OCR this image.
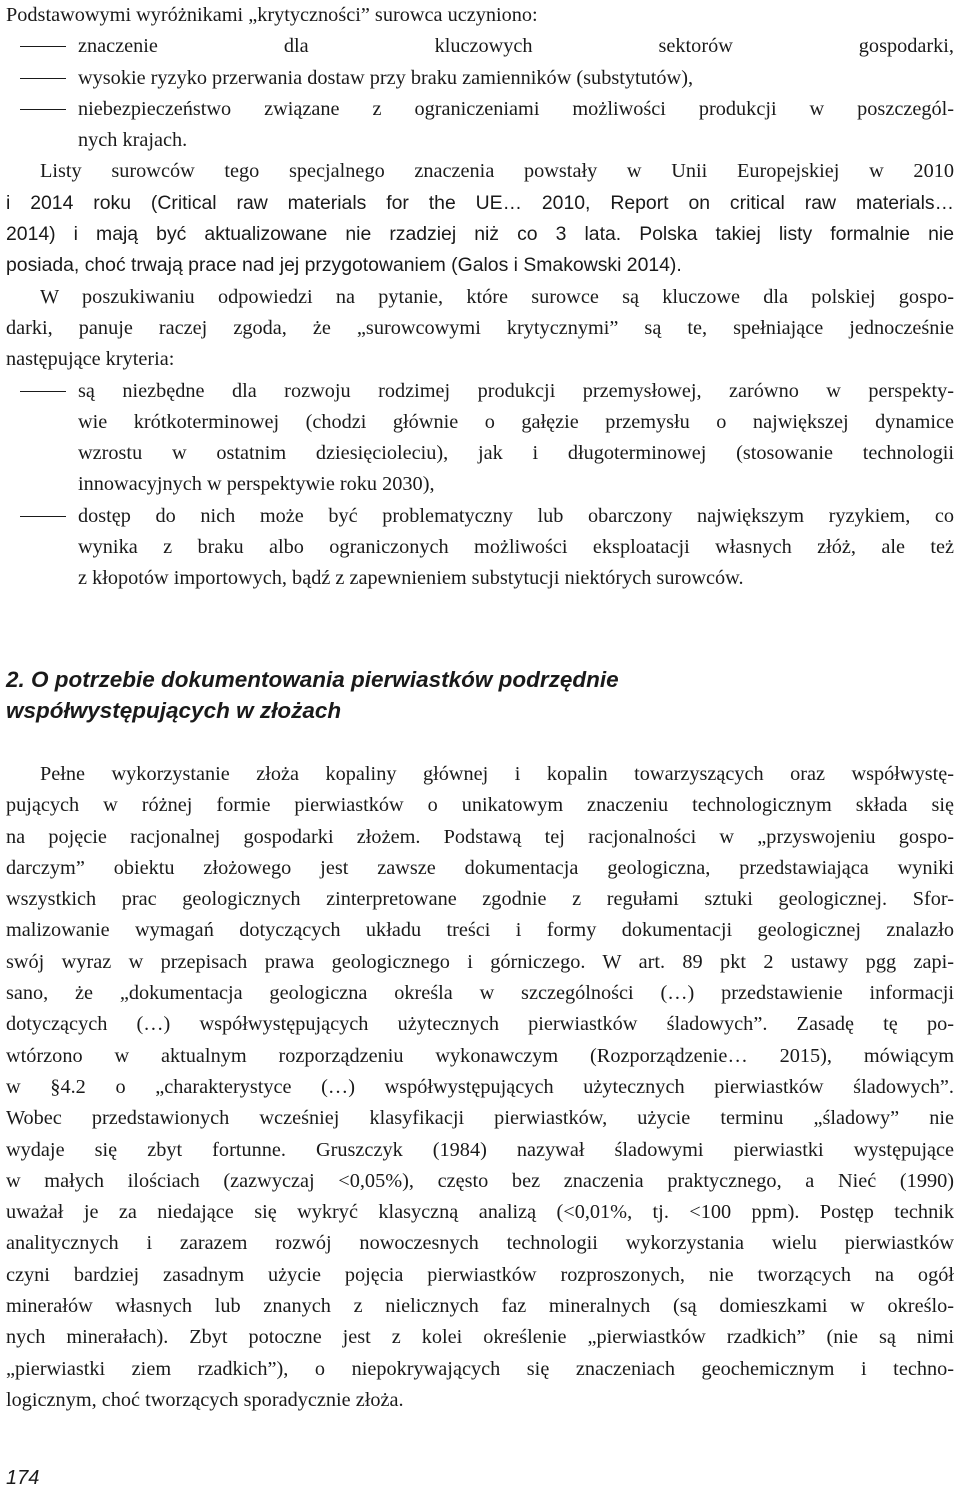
Podstawowymi wyróżnikami „krytyczności” surowca uczyniono:
znaczenie dla kluczowych sektorów gospodarki,
wysokie ryzyko przerwania dostaw przy braku zamienników (substytutów),
niebezpieczeństwo związane z ograniczeniami możliwości produkcji w poszczegól-
nych krajach.
Listy surowców tego specjalnego znaczenia powstały w Unii Europejskiej w 2010
i 2014 roku (Critical raw materials for the UE… 2010, Report on critical raw materials…
2014) i mają być aktualizowane nie rzadziej niż co 3 lata. Polska takiej listy formalnie nie
posiada, choć trwają prace nad jej przygotowaniem (Galos i Smakowski 2014).
W poszukiwaniu odpowiedzi na pytanie, które surowce są kluczowe dla polskiej gospo-
darki, panuje raczej zgoda, że „surowcowymi krytycznymi” są te, spełniające jednocześnie
następujące kryteria:
są niezbędne dla rozwoju rodzimej produkcji przemysłowej, zarówno w perspekty-
wie krótkoterminowej (chodzi głównie o gałęzie przemysłu o największej dynamice
wzrostu w ostatnim dziesięcioleciu), jak i długoterminowej (stosowanie technologii
innowacyjnych w perspektywie roku 2030),
dostęp do nich może być problematyczny lub obarczony największym ryzykiem, co
wynika z braku albo ograniczonych możliwości eksploatacji własnych złóż, ale też
z kłopotów importowych, bądź z zapewnieniem substytucji niektórych surowców.
2. O potrzebie dokumentowania pierwiastków podrzędnie
współwystępujących w złożach
Pełne wykorzystanie złoża kopaliny głównej i kopalin towarzyszących oraz współwystę-
pujących w różnej formie pierwiastków o unikatowym znaczeniu technologicznym składa się
na pojęcie racjonalnej gospodarki złożem. Podstawą tej racjonalności w „przyswojeniu gospo-
darczym” obiektu złożowego jest zawsze dokumentacja geologiczna, przedstawiająca wyniki
wszystkich prac geologicznych zinterpretowane zgodnie z regułami sztuki geologicznej. Sfor-
malizowanie wymagań dotyczących układu treści i formy dokumentacji geologicznej znalazło
swój wyraz w przepisach prawa geologicznego i górniczego. W art. 89 pkt 2 ustawy pgg zapi-
sano, że „dokumentacja geologiczna określa w szczególności (…) przedstawienie informacji
dotyczących (…) współwystępujących użytecznych pierwiastków śladowych”. Zasadę tę po-
wtórzono w aktualnym rozporządzeniu wykonawczym (Rozporządzenie… 2015), mówiącym
w §4.2 o „charakterystyce (…) współwystępujących użytecznych pierwiastków śladowych”.
Wobec przedstawionych wcześniej klasyfikacji pierwiastków, użycie terminu „śladowy” nie
wydaje się zbyt fortunne. Gruszczyk (1984) nazywał śladowymi pierwiastki występujące
w małych ilościach (zazwyczaj <0,05%), często bez znaczenia praktycznego, a Nieć (1990)
uważał je za niedające się wykryć klasyczną analizą (<0,01%, tj. <100 ppm). Postęp technik
analitycznych i zarazem rozwój nowoczesnych technologii wykorzystania wielu pierwiastków
czyni bardziej zasadnym użycie pojęcia pierwiastków rozproszonych, nie tworzących na ogół
minerałów własnych lub znanych z nielicznych faz mineralnych (są domieszkami w określo-
nych minerałach). Zbyt potoczne jest z kolei określenie „pierwiastków rzadkich” (nie są nimi
„pierwiastki ziem rzadkich”), o niepokrywających się znaczeniach geochemicznym i techno-
logicznym, choć tworzących sporadycznie złoża.
174
